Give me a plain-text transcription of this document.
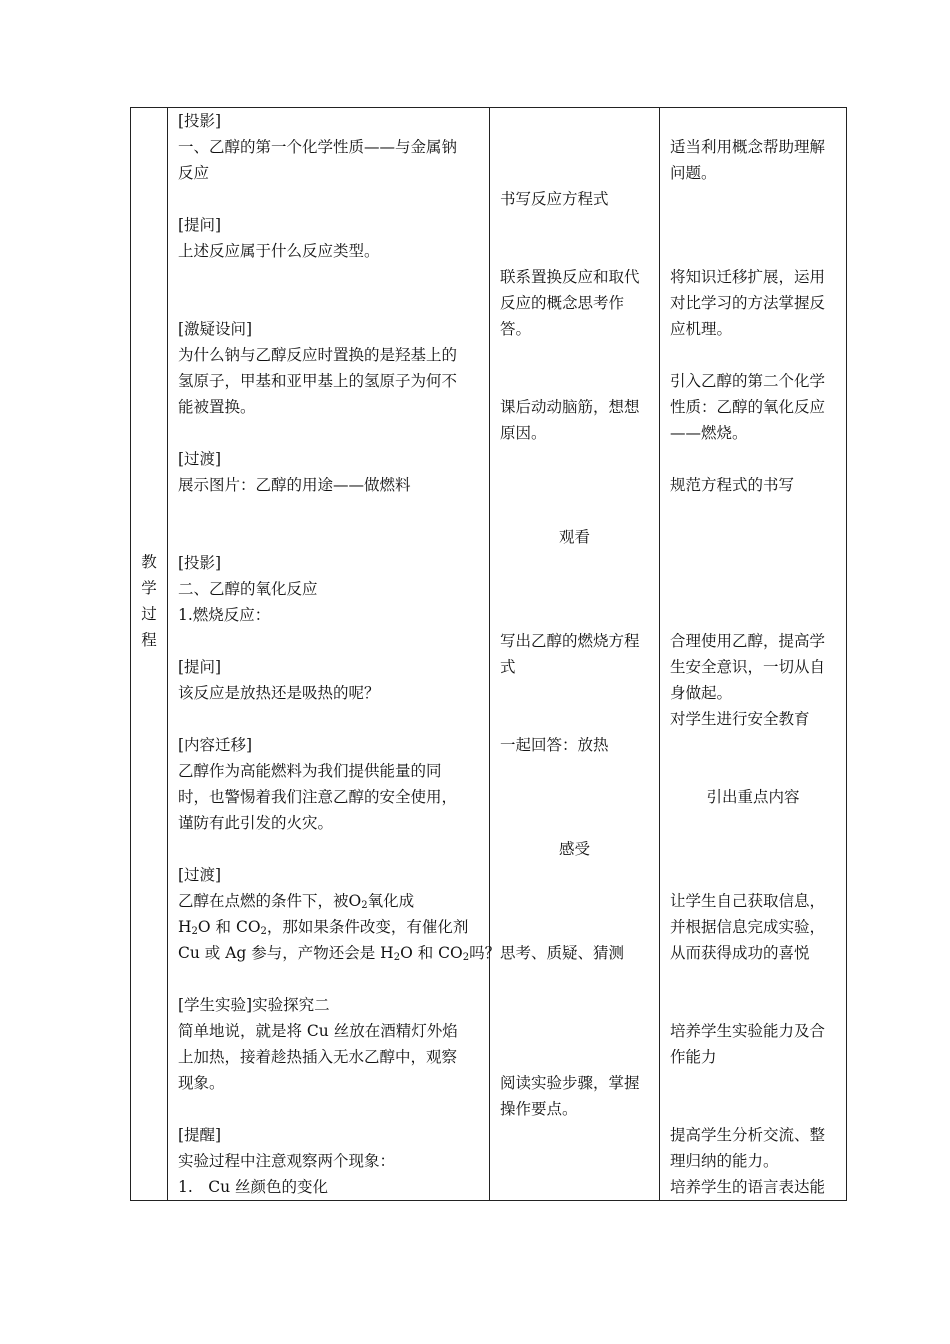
教
学
过
程
[投影]
一、乙醇的第一个化学性质——与金属钠
反应
[提问]
上述反应属于什么反应类型。
[激疑设问]
为什么钠与乙醇反应时置换的是羟基上的
氢原子，甲基和亚甲基上的氢原子为何不
能被置换。
[过渡]
展示图片：乙醇的用途——做燃料
[投影]
二、乙醇的氧化反应
1.燃烧反应：
[提问]
该反应是放热还是吸热的呢？
[内容迁移]
乙醇作为高能燃料为我们提供能量的同
时，也警惕着我们注意乙醇的安全使用，
谨防有此引发的火灾。
[过渡]
乙醇在点燃的条件下，被$O_2$氧化成
$H_2O$ 和 $CO_2$，那如果条件改变，有催化剂
Cu 或 Ag 参与，产物还会是 $H_2O$ 和 $CO_2$吗？
[学生实验]实验探究二
简单地说，就是将 Cu 丝放在酒精灯外焰
上加热，接着趁热插入无水乙醇中，观察
现象。
[提醒]
实验过程中注意观察两个现象：
1.　Cu 丝颜色的变化
书写反应方程式
联系置换反应和取代
反应的概念思考作
答。
课后动动脑筋，想想
原因。
观看
写出乙醇的燃烧方程
式
一起回答：放热
感受
思考、质疑、猜测
阅读实验步骤，掌握
操作要点。
适当利用概念帮助理解
问题。
将知识迁移扩展，运用
对比学习的方法掌握反
应机理。
引入乙醇的第二个化学
性质：乙醇的氧化反应
——燃烧。
规范方程式的书写
合理使用乙醇，提高学
生安全意识，一切从自
身做起。
对学生进行安全教育
引出重点内容
让学生自己获取信息，
并根据信息完成实验，
从而获得成功的喜悦
培养学生实验能力及合
作能力
提高学生分析交流、整
理归纳的能力。
培养学生的语言表达能
